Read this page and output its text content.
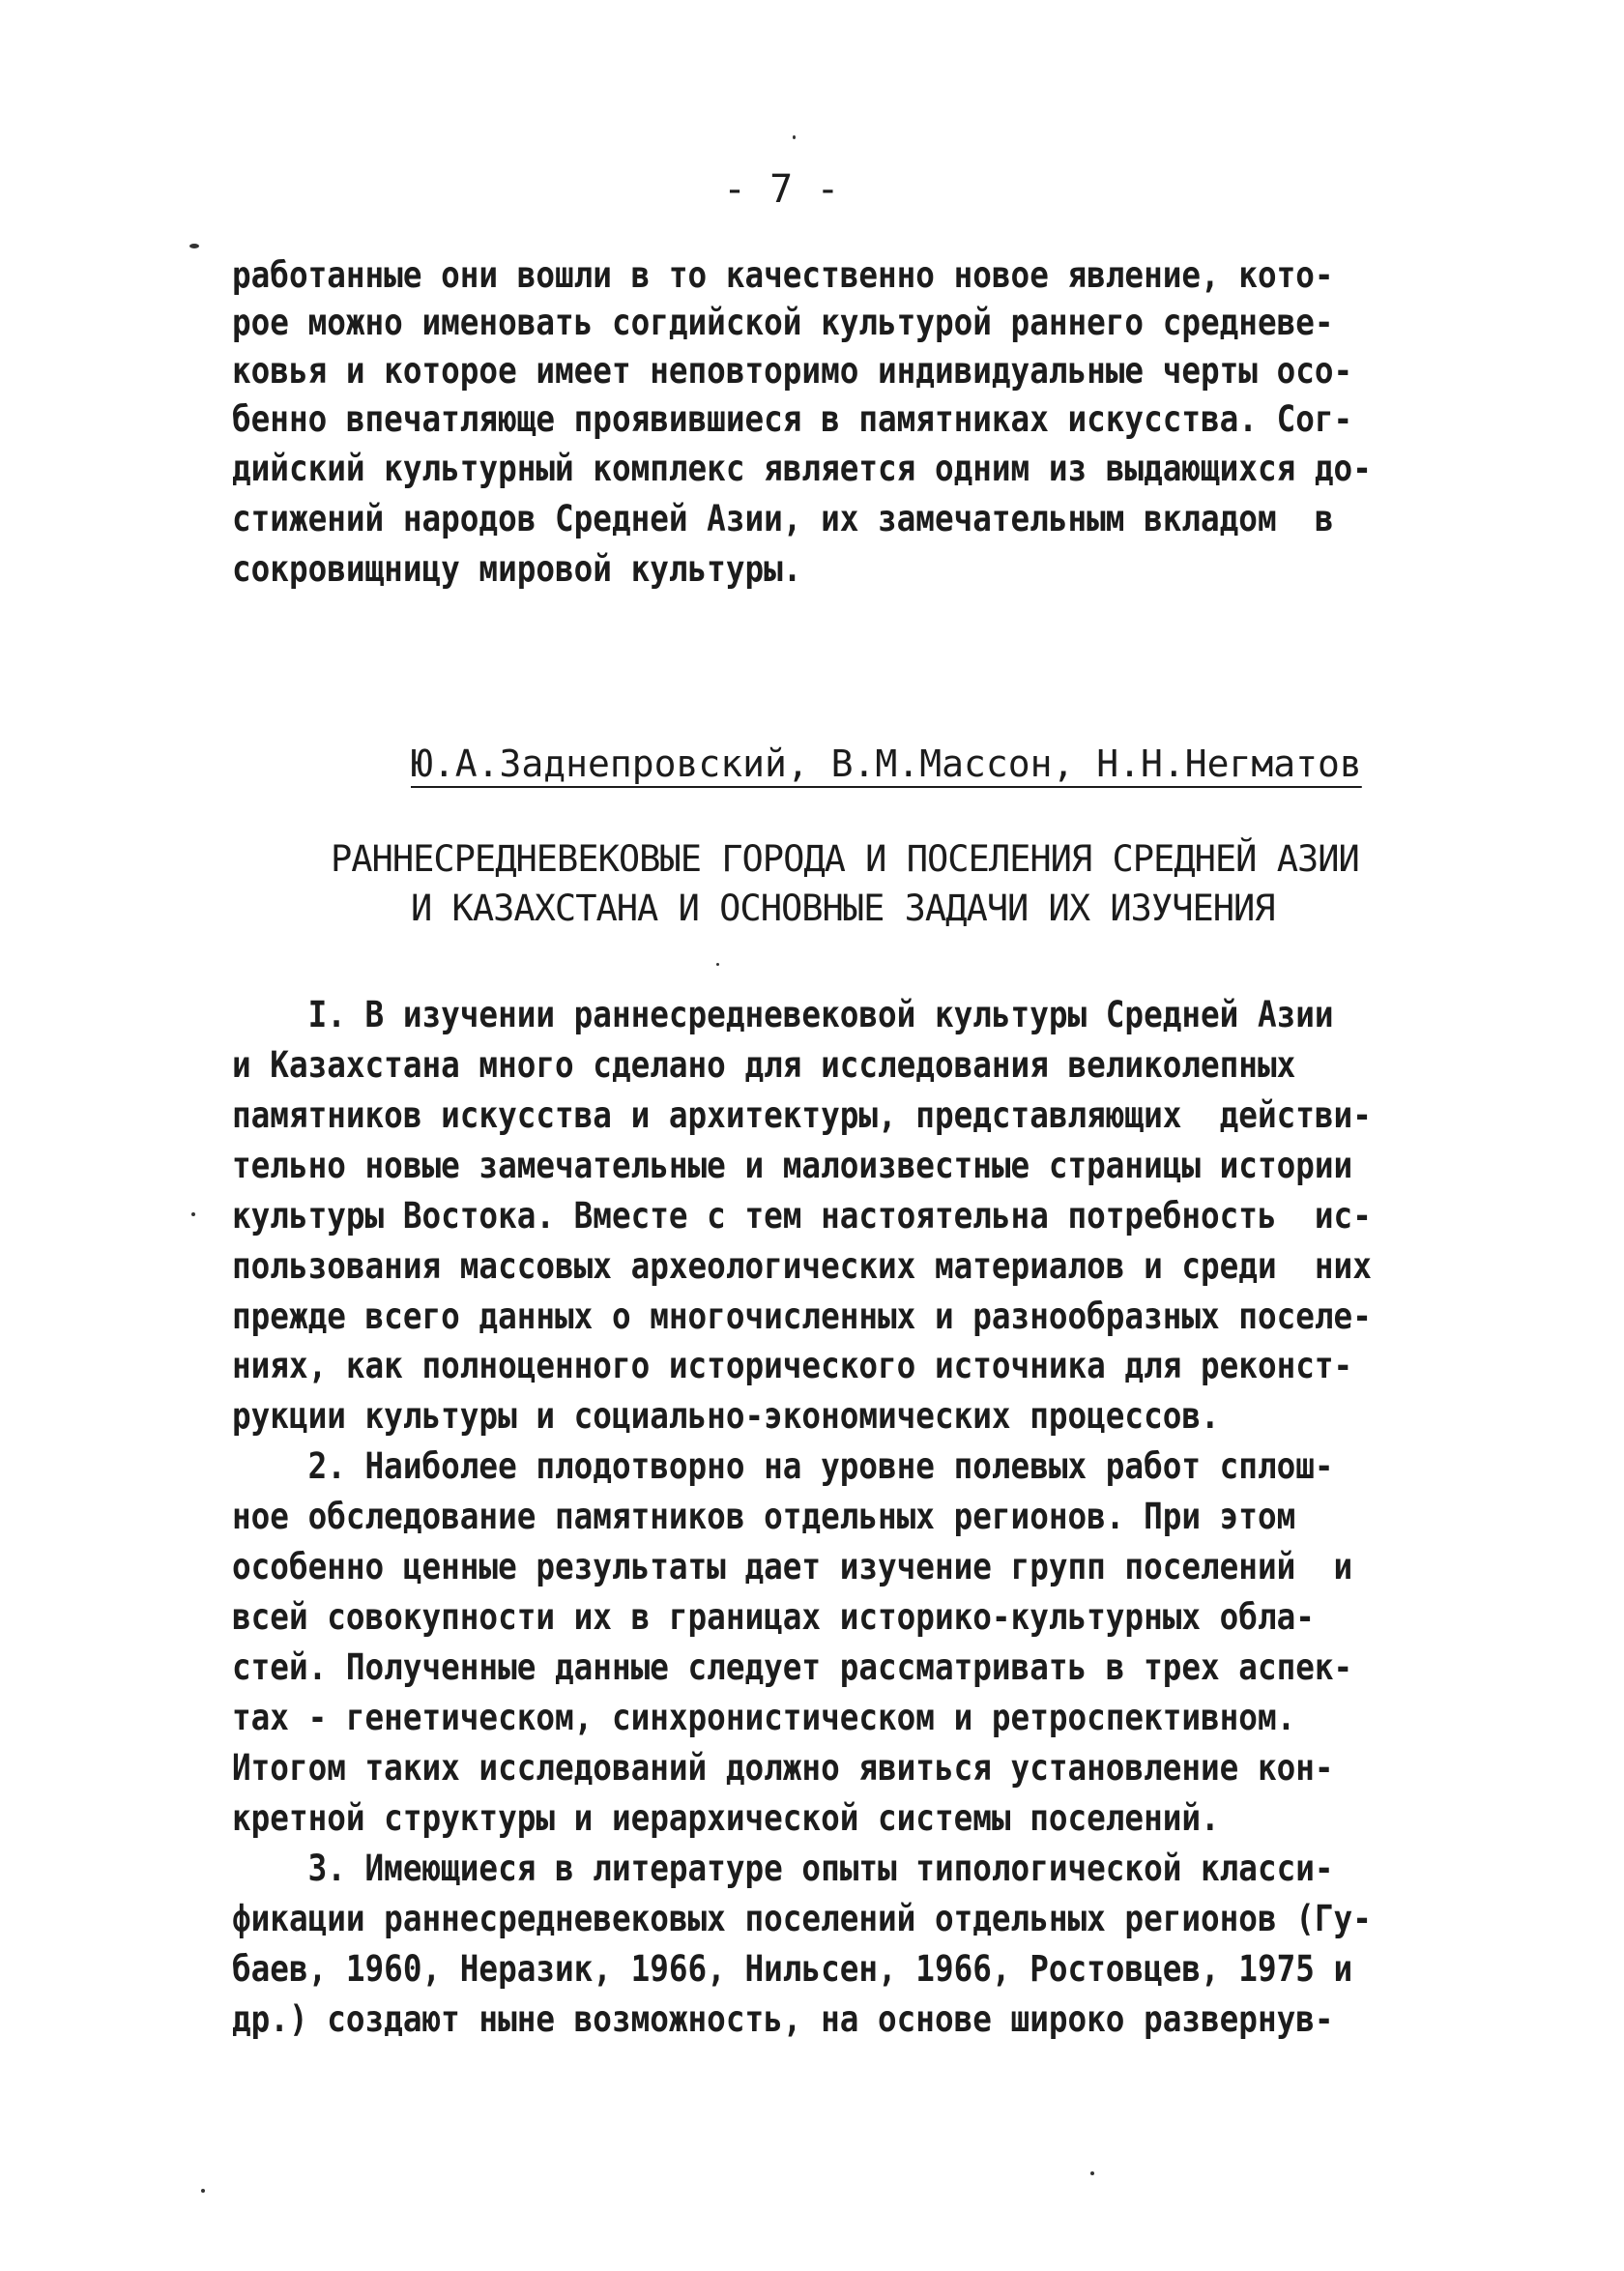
- 7 -
работанные они вошли в то качественно новое явление, кото-
рое можно именовать согдийской культурой раннего средневе-
ковья и которое имеет неповторимо индивидуальные черты осо-
бенно впечатляюще проявившиеся в памятниках искусства. Сог-
дийский культурный комплекс является одним из выдающихся до-
стижений народов Средней Азии, их замечательным вкладом  в
сокровищницу мировой культуры.
Ю.А.Заднепровский, В.М.Массон, Н.Н.Негматов
РАННЕСРЕДНЕВЕКОВЫЕ ГОРОДА И ПОСЕЛЕНИЯ СРЕДНЕЙ АЗИИ
И КАЗАХСТАНА И ОСНОВНЫЕ ЗАДАЧИ ИХ ИЗУЧЕНИЯ
I. В изучении раннесредневековой культуры Средней Азии
и Казахстана много сделано для исследования великолепных
памятников искусства и архитектуры, представляющих  действи-
тельно новые замечательные и малоизвестные страницы истории
культуры Востока. Вместе с тем настоятельна потребность  ис-
пользования массовых археологических материалов и среди  них
прежде всего данных о многочисленных и разнообразных поселе-
ниях, как полноценного исторического источника для реконст-
рукции культуры и социально-экономических процессов.
2. Наиболее плодотворно на уровне полевых работ сплош-
ное обследование памятников отдельных регионов. При этом
особенно ценные результаты дает изучение групп поселений  и
всей совокупности их в границах историко-культурных обла-
стей. Полученные данные следует рассматривать в трех аспек-
тах - генетическом, синхронистическом и ретроспективном.
Итогом таких исследований должно явиться установление кон-
кретной структуры и иерархической системы поселений.
3. Имеющиеся в литературе опыты типологической класси-
фикации раннесредневековых поселений отдельных регионов (Гу-
баев, 1960, Неразик, 1966, Нильсен, 1966, Ростовцев, 1975 и
др.) создают ныне возможность, на основе широко развернув-
